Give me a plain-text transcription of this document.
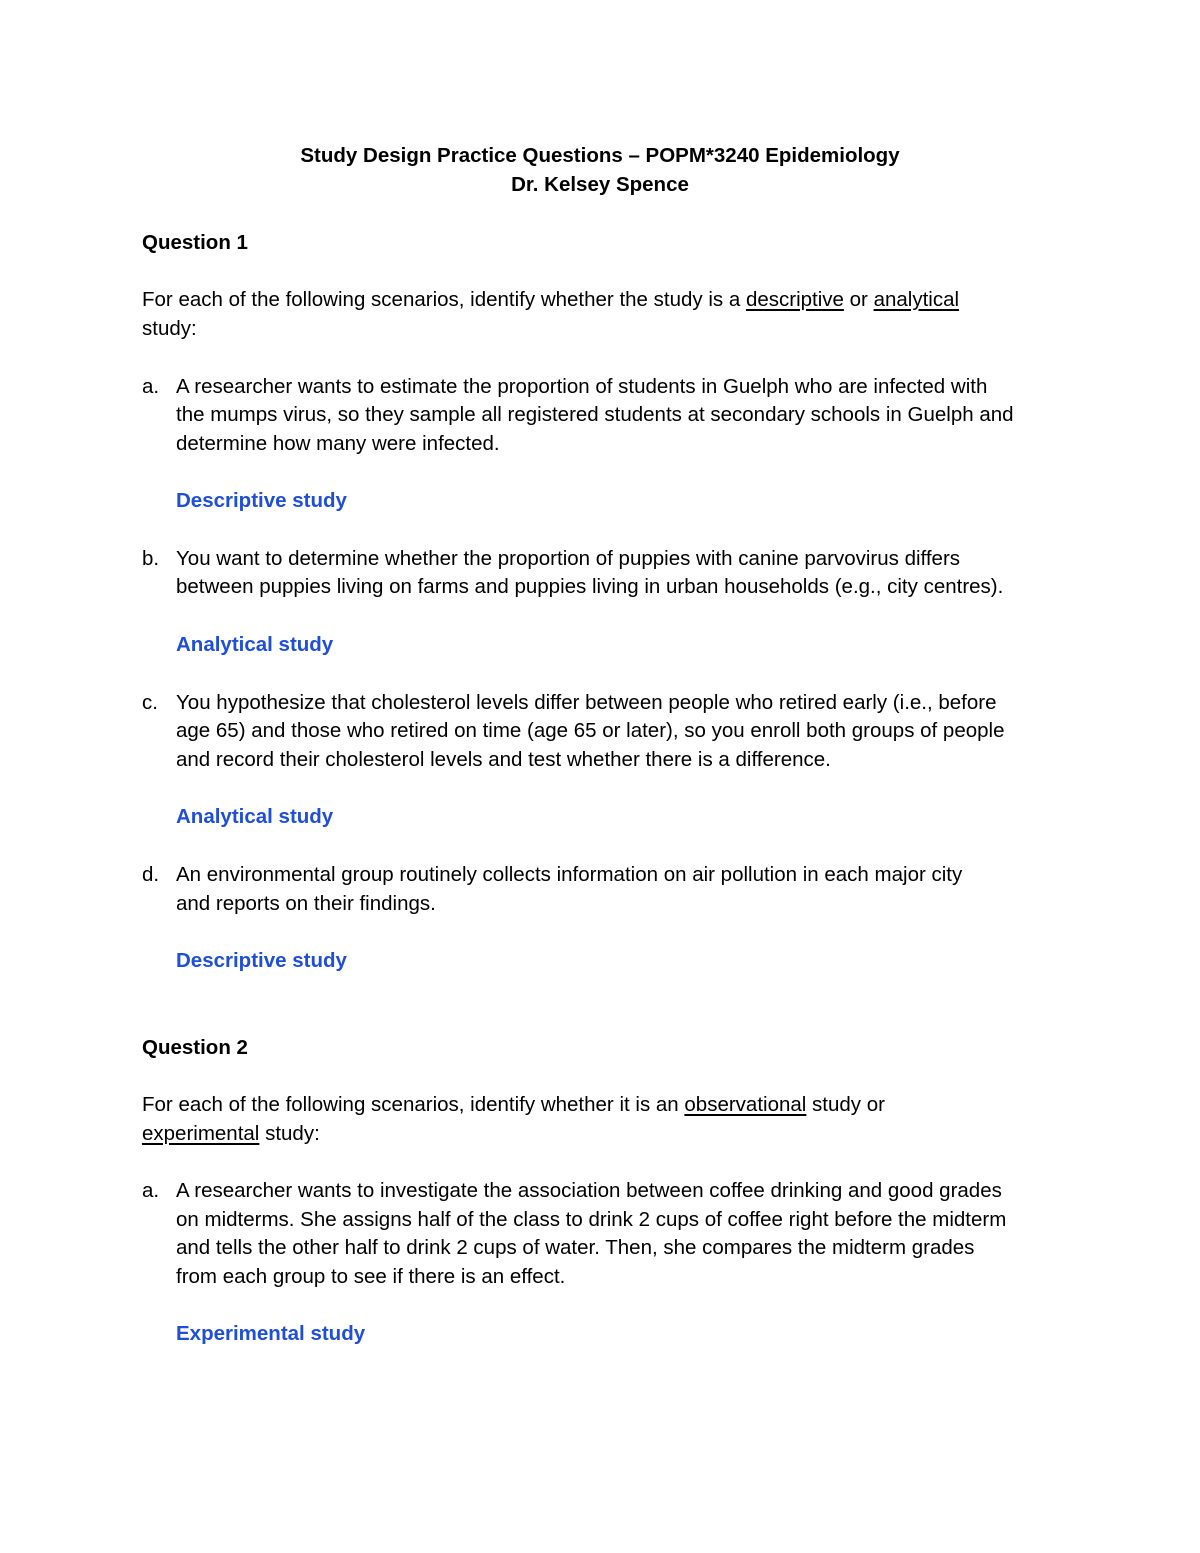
Study Design Practice Questions – POPM*3240 Epidemiology

Dr. Kelsey Spence

Question 1

For each of the following scenarios, identify whether the study is a descriptive or analytical

study:

a. A researcher wants to estimate the proportion of students in Guelph who are infected with

the mumps virus, so they sample all registered students at secondary schools in Guelph and

determine how many were infected.

Descriptive study

b. You want to determine whether the proportion of puppies with canine parvovirus differs

between puppies living on farms and puppies living in urban households (e.g., city centres).

Analytical study

c. You hypothesize that cholesterol levels differ between people who retired early (i.e., before

age 65) and those who retired on time (age 65 or later), so you enroll both groups of people

and record their cholesterol levels and test whether there is a difference.

Analytical study

d. An environmental group routinely collects information on air pollution in each major city

and reports on their findings.

Descriptive study

Question 2

For each of the following scenarios, identify whether it is an observational study or

experimental study:

a. A researcher wants to investigate the association between coffee drinking and good grades

on midterms. She assigns half of the class to drink 2 cups of coffee right before the midterm

and tells the other half to drink 2 cups of water. Then, she compares the midterm grades

from each group to see if there is an effect.

Experimental study
